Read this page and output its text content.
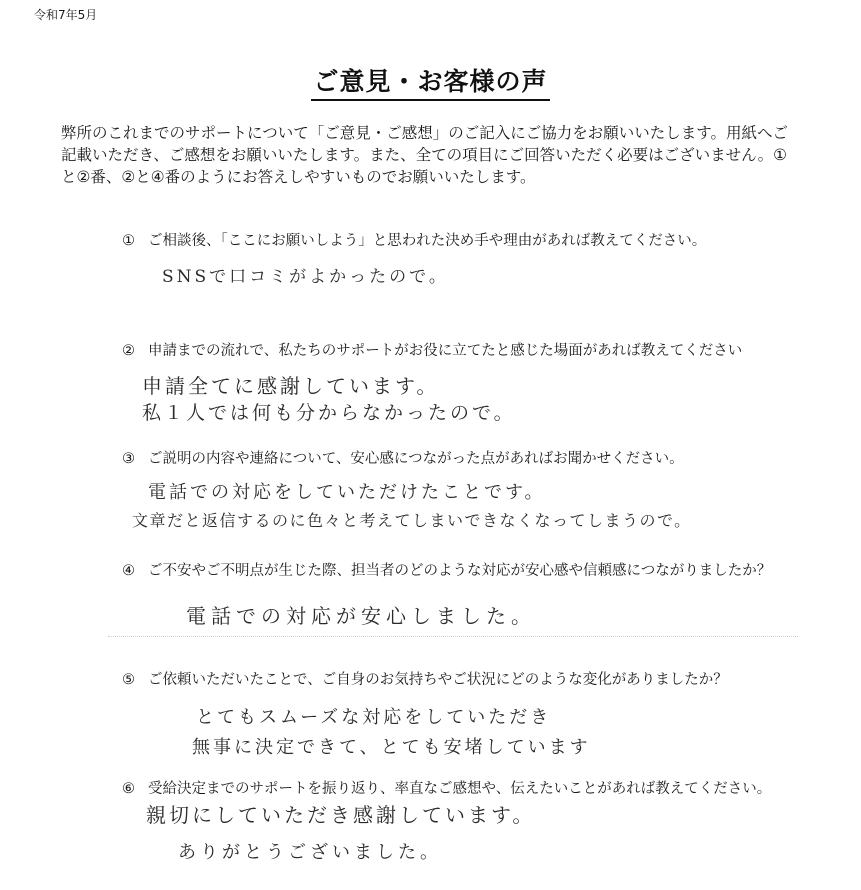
令和7年5月
ご意見・お客様の声
弊所のこれまでのサポートについて「ご意見・ご感想」のご記入にご協力をお願いいたします。用紙へご記載いただき、ご感想をお願いいたします。また、全ての項目にご回答いただく必要はございません。①と②番、②と④番のようにお答えしやすいものでお願いいたします。
① ご相談後、「ここにお願いしよう」と思われた決め手や理由があれば教えてください。
SNSで口コミがよかったので。
② 申請までの流れで、私たちのサポートがお役に立てたと感じた場面があれば教えてください
申請全てに感謝しています。
私１人では何も分からなかったので。
③ ご説明の内容や連絡について、安心感につながった点があればお聞かせください。
電話での対応をしていただけたことです。
文章だと返信するのに色々と考えてしまいできなくなってしまうので。
④ ご不安やご不明点が生じた際、担当者のどのような対応が安心感や信頼感につながりましたか？
電話での対応が安心しました。
⑤ ご依頼いただいたことで、ご自身のお気持ちやご状況にどのような変化がありましたか？
とてもスムーズな対応をしていただき
無事に決定できて、とても安堵しています
⑥ 受給決定までのサポートを振り返り、率直なご感想や、伝えたいことがあれば教えてください。
親切にしていただき感謝しています。
ありがとうございました。
